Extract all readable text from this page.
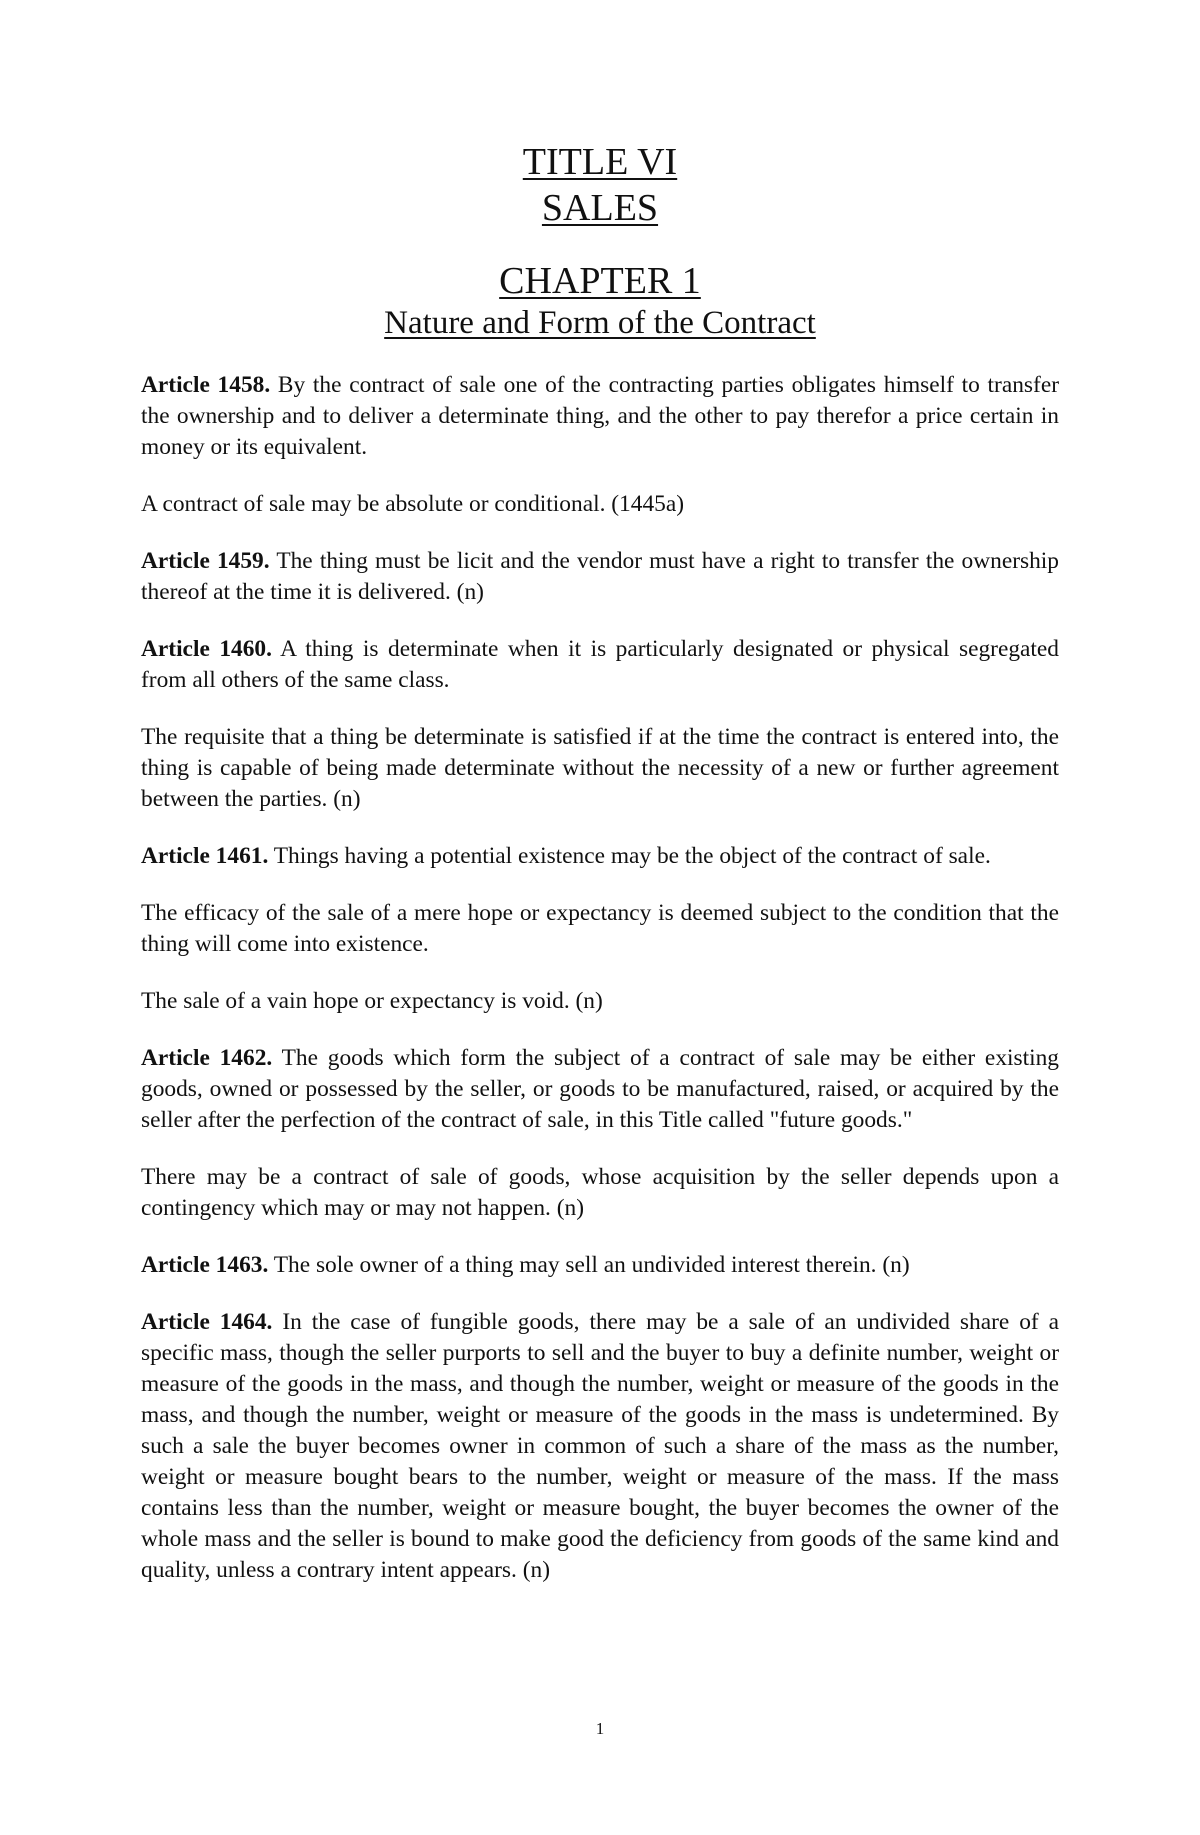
TITLE VI
SALES
CHAPTER 1
Nature and Form of the Contract

Article 1458. By the contract of sale one of the contracting parties obligates himself to transfer the ownership and to deliver a determinate thing, and the other to pay therefor a price certain in money or its equivalent.

A contract of sale may be absolute or conditional. (1445a)

Article 1459. The thing must be licit and the vendor must have a right to transfer the ownership thereof at the time it is delivered. (n)

Article 1460. A thing is determinate when it is particularly designated or physical segregated from all others of the same class.

The requisite that a thing be determinate is satisfied if at the time the contract is entered into, the thing is capable of being made determinate without the necessity of a new or further agreement between the parties. (n)

Article 1461. Things having a potential existence may be the object of the contract of sale.

The efficacy of the sale of a mere hope or expectancy is deemed subject to the condition that the thing will come into existence.

The sale of a vain hope or expectancy is void. (n)

Article 1462. The goods which form the subject of a contract of sale may be either existing goods, owned or possessed by the seller, or goods to be manufactured, raised, or acquired by the seller after the perfection of the contract of sale, in this Title called "future goods."

There may be a contract of sale of goods, whose acquisition by the seller depends upon a contingency which may or may not happen. (n)

Article 1463. The sole owner of a thing may sell an undivided interest therein. (n)

Article 1464. In the case of fungible goods, there may be a sale of an undivided share of a specific mass, though the seller purports to sell and the buyer to buy a definite number, weight or measure of the goods in the mass, and though the number, weight or measure of the goods in the mass, and though the number, weight or measure of the goods in the mass is undetermined. By such a sale the buyer becomes owner in common of such a share of the mass as the number, weight or measure bought bears to the number, weight or measure of the mass. If the mass contains less than the number, weight or measure bought, the buyer becomes the owner of the whole mass and the seller is bound to make good the deficiency from goods of the same kind and quality, unless a contrary intent appears. (n)

1
